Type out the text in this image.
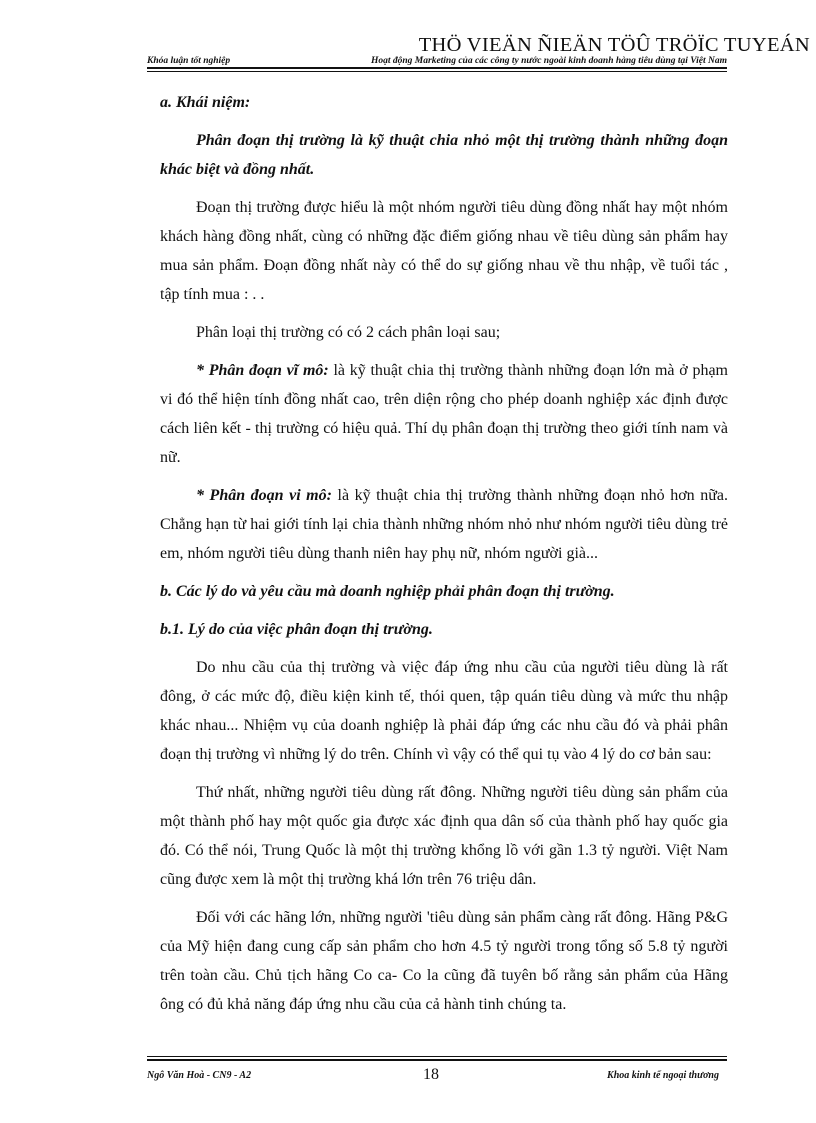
THÖ VIEÄN ÑIEÄN TÖÛ TRÖÏC TUYEÁN
Khóa luận tốt nghiệp	Hoạt động Marketing của các công ty nước ngoài kinh doanh hàng tiêu dùng tại Việt Nam

a. Khái niệm:

Phân đoạn thị trường là kỹ thuật chia nhỏ một thị trường thành những đoạn khác biệt và đồng nhất.

Đoạn thị trường được hiểu là một nhóm người tiêu dùng đồng nhất hay một nhóm khách hàng đồng nhất, cùng có những đặc điểm giống nhau về tiêu dùng sản phẩm hay mua sản phẩm. Đoạn đồng nhất này có thể do sự giống nhau về thu nhập, về tuổi tác , tập tính mua : . .

Phân loại thị trường có có 2 cách phân loại sau;

* Phân đoạn vĩ mô: là kỹ thuật chia thị trường thành những đoạn lớn mà ở phạm vi đó thể hiện tính đồng nhất cao, trên diện rộng cho phép doanh nghiệp xác định được cách liên kết - thị trường có hiệu quả. Thí dụ phân đoạn thị trường theo giới tính nam và nữ.

* Phân đoạn vi mô: là kỹ thuật chia thị trường thành những đoạn nhỏ hơn nữa. Chẳng hạn từ hai giới tính lại chia thành những nhóm nhỏ như nhóm người tiêu dùng trẻ em, nhóm người tiêu dùng thanh niên hay phụ nữ, nhóm người già...

b. Các lý do và yêu cầu mà doanh nghiệp phải phân đoạn thị trường.

b.1. Lý do của việc phân đoạn thị trường.

Do nhu cầu của thị trường và việc đáp ứng nhu cầu của người tiêu dùng là rất đông, ở các mức độ, điều kiện kinh tế, thói quen, tập quán tiêu dùng và mức thu nhập khác nhau... Nhiệm vụ của doanh nghiệp là phải đáp ứng các nhu cầu đó và phải phân đoạn thị trường vì những lý do trên. Chính vì vậy có thể qui tụ vào 4 lý do cơ bản sau:

Thứ nhất, những người tiêu dùng rất đông. Những người tiêu dùng sản phẩm của một thành phố hay một quốc gia được xác định qua dân số của thành phố hay quốc gia đó. Có thể nói, Trung Quốc là một thị trường khổng lồ với gần 1.3 tỷ người. Việt Nam cũng được xem là một thị trường khá lớn trên 76 triệu dân.

Đối với các hãng lớn, những người 'tiêu dùng sản phẩm càng rất đông. Hãng P&G của Mỹ hiện đang cung cấp sản phẩm cho hơn 4.5 tỷ người trong tổng số 5.8 tỷ người trên toàn cầu. Chủ tịch hãng Co ca- Co la cũng đã tuyên bố rằng sản phẩm của Hãng ông có đủ khả năng đáp ứng nhu cầu của cả hành tinh chúng ta.

Ngô Văn Hoà - CN9 - A2	18	Khoa kinh tế ngoại thương
